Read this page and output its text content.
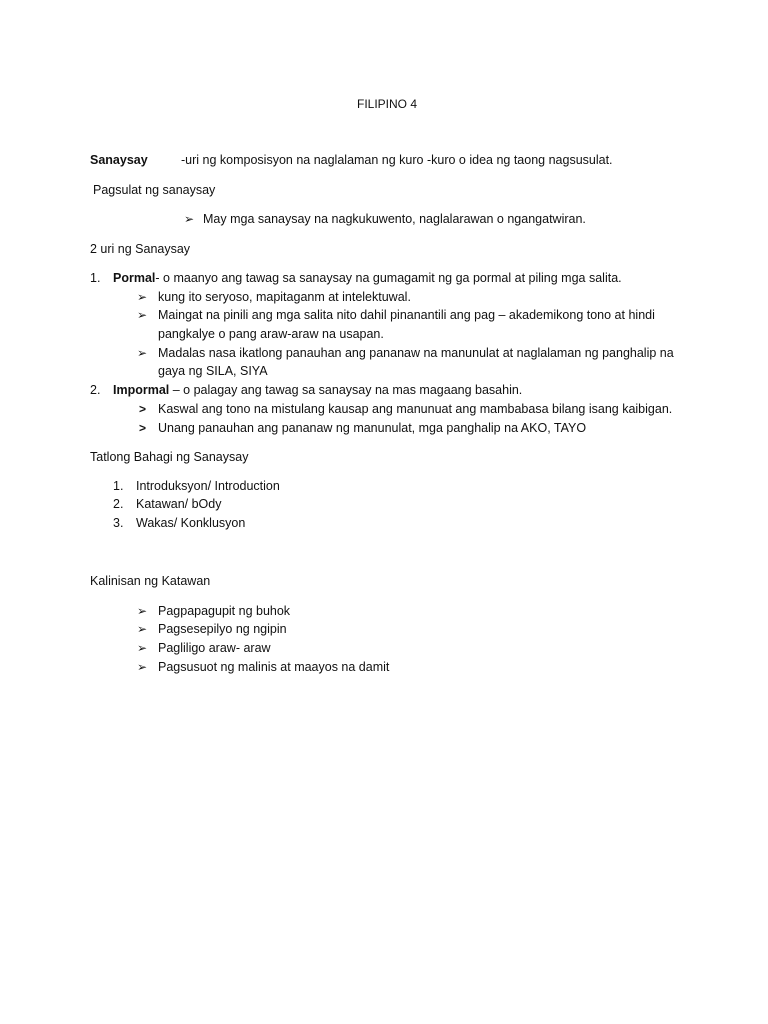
FILIPINO 4
Sanaysay	-uri ng komposisyon na naglalaman ng kuro -kuro o idea ng taong nagsusulat.
Pagsulat ng sanaysay
➢ May mga sanaysay na nagkukuwento, naglalarawan o ngangatwiran.
2 uri ng Sanaysay
1. Pormal- o maanyo ang tawag sa sanaysay na gumagamit ng ga pormal at piling mga salita.
➢ kung ito seryoso, mapitaganm at intelektuwal.
➢ Maingat na pinili ang mga salita nito dahil pinanantili ang pag – akademikong tono at hindi
pangkalye o pang araw-araw na usapan.
➢ Madalas nasa ikatlong panauhan ang pananaw na manunulat at naglalaman ng panghalip na
gaya ng SILA, SIYA
2. Impormal – o palagay ang tawag sa sanaysay na mas magaang basahin.
> Kaswal ang tono na mistulang kausap ang manunuat ang mambabasa bilang isang kaibigan.
> Unang panauhan ang pananaw ng manunulat, mga panghalip na AKO, TAYO
Tatlong Bahagi ng Sanaysay
1. Introduksyon/ Introduction
2. Katawan/ bOdy
3. Wakas/ Konklusyon
Kalinisan ng Katawan
➢ Pagpapagupit ng buhok
➢ Pagsesepilyo ng ngipin
➢ Pagliligo araw- araw
➢ Pagsusuot ng malinis at maayos na damit
